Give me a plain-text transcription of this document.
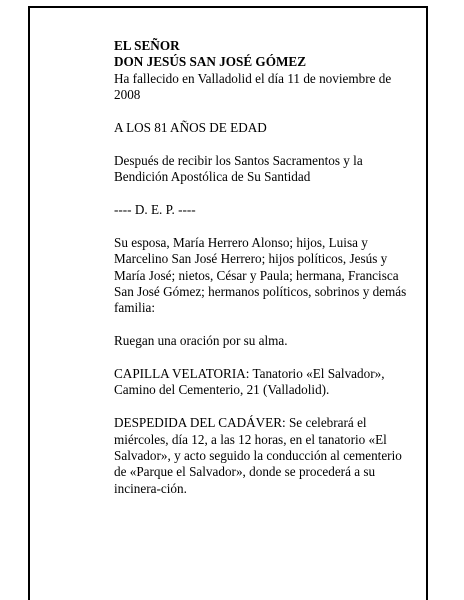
EL SEÑOR
DON JESÚS SAN JOSÉ GÓMEZ
Ha fallecido en Valladolid el día 11 de noviembre de
2008
A LOS 81 AÑOS DE EDAD
Después de recibir los Santos Sacramentos y la
Bendición Apostólica de Su Santidad
---- D. E. P. ----
Su esposa, María Herrero Alonso; hijos, Luisa y
Marcelino San José Herrero; hijos políticos, Jesús y
María José; nietos, César y Paula; hermana, Francisca
San José Gómez; hermanos políticos, sobrinos y demás
familia:
Ruegan una oración por su alma.
CAPILLA VELATORIA: Tanatorio «El Salvador»,
Camino del Cementerio, 21 (Valladolid).
DESPEDIDA DEL CADÁVER: Se celebrará el
miércoles, día 12, a las 12 horas, en el tanatorio «El
Salvador», y acto seguido la conducción al cementerio
de «Parque el Salvador», donde se procederá a su
incinera-ción.
